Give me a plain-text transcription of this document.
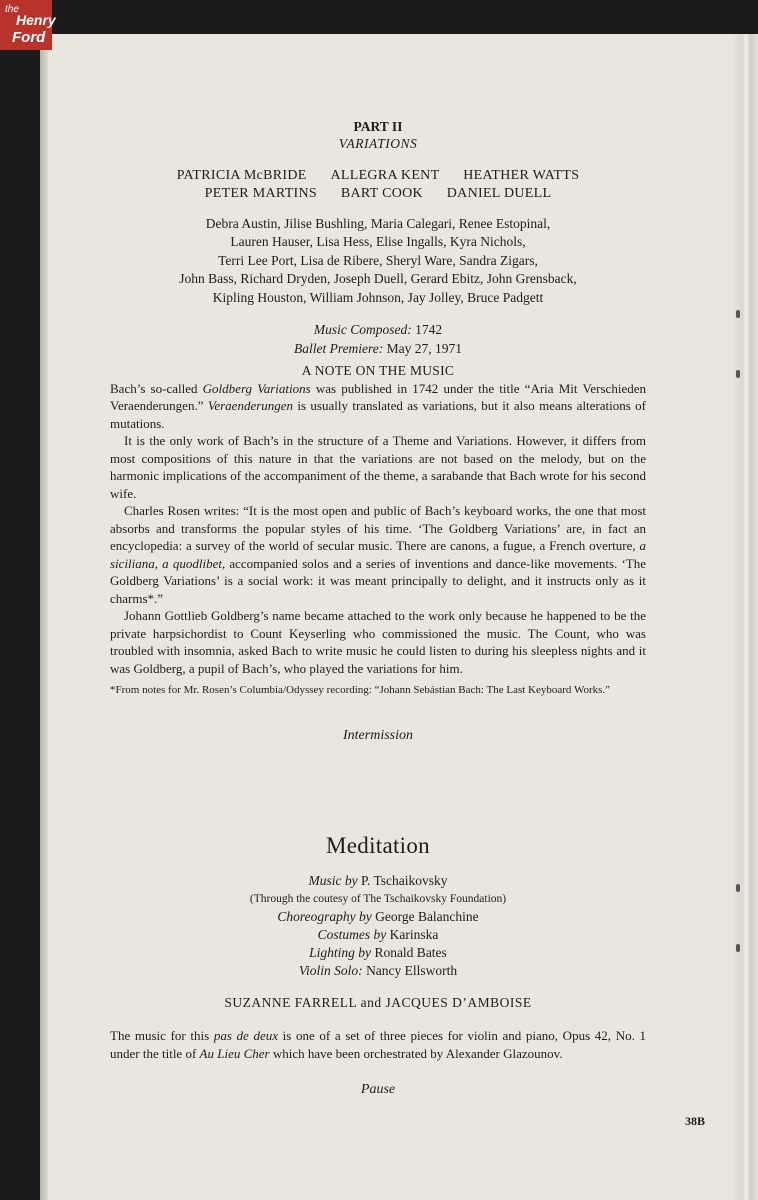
the
Henry
Ford
PART II
VARIATIONS
PATRICIA McBRIDE ALLEGRA KENT HEATHER WATTS
PETER MARTINS BART COOK DANIEL DUELL
Debra Austin, Jilise Bushling, Maria Calegari, Renee Estopinal,
Lauren Hauser, Lisa Hess, Elise Ingalls, Kyra Nichols,
Terri Lee Port, Lisa de Ribere, Sheryl Ware, Sandra Zigars,
John Bass, Richard Dryden, Joseph Duell, Gerard Ebitz, John Grensback,
Kipling Houston, William Johnson, Jay Jolley, Bruce Padgett
Music Composed: 1742
Ballet Premiere: May 27, 1971
A NOTE ON THE MUSIC

Bach’s so-called Goldberg Variations was published in 1742 under the title “Aria Mit Verschieden Veraenderungen.” Veraenderungen is usually translated as variations, but it also means alterations of mutations.

It is the only work of Bach’s in the structure of a Theme and Variations. However, it differs from most compositions of this nature in that the variations are not based on the melody, but on the harmonic implications of the accompaniment of the theme, a sarabande that Bach wrote for his second wife.

Charles Rosen writes: “It is the most open and public of Bach’s keyboard works, the one that most absorbs and transforms the popular styles of his time. ‘The Goldberg Variations’ are, in fact an encyclopedia: a survey of the world of secular music. There are canons, a fugue, a French overture, a siciliana, a quodlibet, accompanied solos and a series of inventions and dance-like movements. ‘The Goldberg Variations’ is a social work: it was meant principally to delight, and it instructs only as it charms*.”

Johann Gottlieb Goldberg’s name became attached to the work only because he happened to be the private harpsichordist to Count Keyserling who commissioned the music. The Count, who was troubled with insomnia, asked Bach to write music he could listen to during his sleepless nights and it was Goldberg, a pupil of Bach’s, who played the variations for him.

*From notes for Mr. Rosen’s Columbia/Odyssey recording: “Johann Sebástian Bach: The Last Keyboard Works.”
Intermission
Meditation
Music by P. Tschaikovsky
(Through the coutesy of The Tschaikovsky Foundation)
Choreography by George Balanchine
Costumes by Karinska
Lighting by Ronald Bates
Violin Solo: Nancy Ellsworth
SUZANNE FARRELL and JACQUES D’AMBOISE

The music for this pas de deux is one of a set of three pieces for violin and piano, Opus 42, No. 1 under the title of Au Lieu Cher which have been orchestrated by Alexander Glazounov.

Pause
38B
